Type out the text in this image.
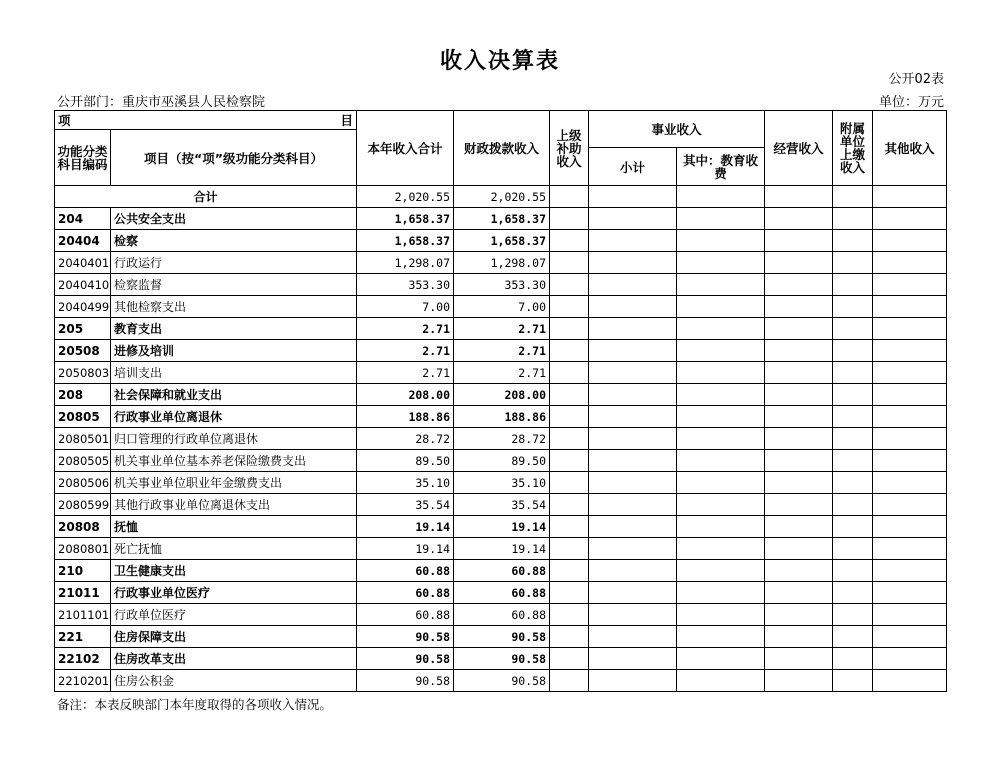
收入决算表
公开02表
公开部门：重庆市巫溪县人民检察院	单位：万元
项 目		本年收入合计	财政拨款收入	上级补助收入	事业收入		经营收入	附属单位上缴收入	其他收入
功能分类科目编码	项目（按“项”级功能分类科目）								
					小计	其中：教育收费			
合计		2,020.55	2,020.55						
204	公共安全支出	1,658.37	1,658.37						
20404	检察	1,658.37	1,658.37						
2040401	行政运行	1,298.07	1,298.07						
2040410	检察监督	353.30	353.30						
2040499	其他检察支出	7.00	7.00						
205	教育支出	2.71	2.71						
20508	进修及培训	2.71	2.71						
2050803	培训支出	2.71	2.71						
208	社会保障和就业支出	208.00	208.00						
20805	行政事业单位离退休	188.86	188.86						
2080501	归口管理的行政单位离退休	28.72	28.72						
2080505	机关事业单位基本养老保险缴费支出	89.50	89.50						
2080506	机关事业单位职业年金缴费支出	35.10	35.10						
2080599	其他行政事业单位离退休支出	35.54	35.54						
20808	抚恤	19.14	19.14						
2080801	死亡抚恤	19.14	19.14						
210	卫生健康支出	60.88	60.88						
21011	行政事业单位医疗	60.88	60.88						
2101101	行政单位医疗	60.88	60.88						
221	住房保障支出	90.58	90.58						
22102	住房改革支出	90.58	90.58						
2210201	住房公积金	90.58	90.58						
备注：本表反映部门本年度取得的各项收入情况。
